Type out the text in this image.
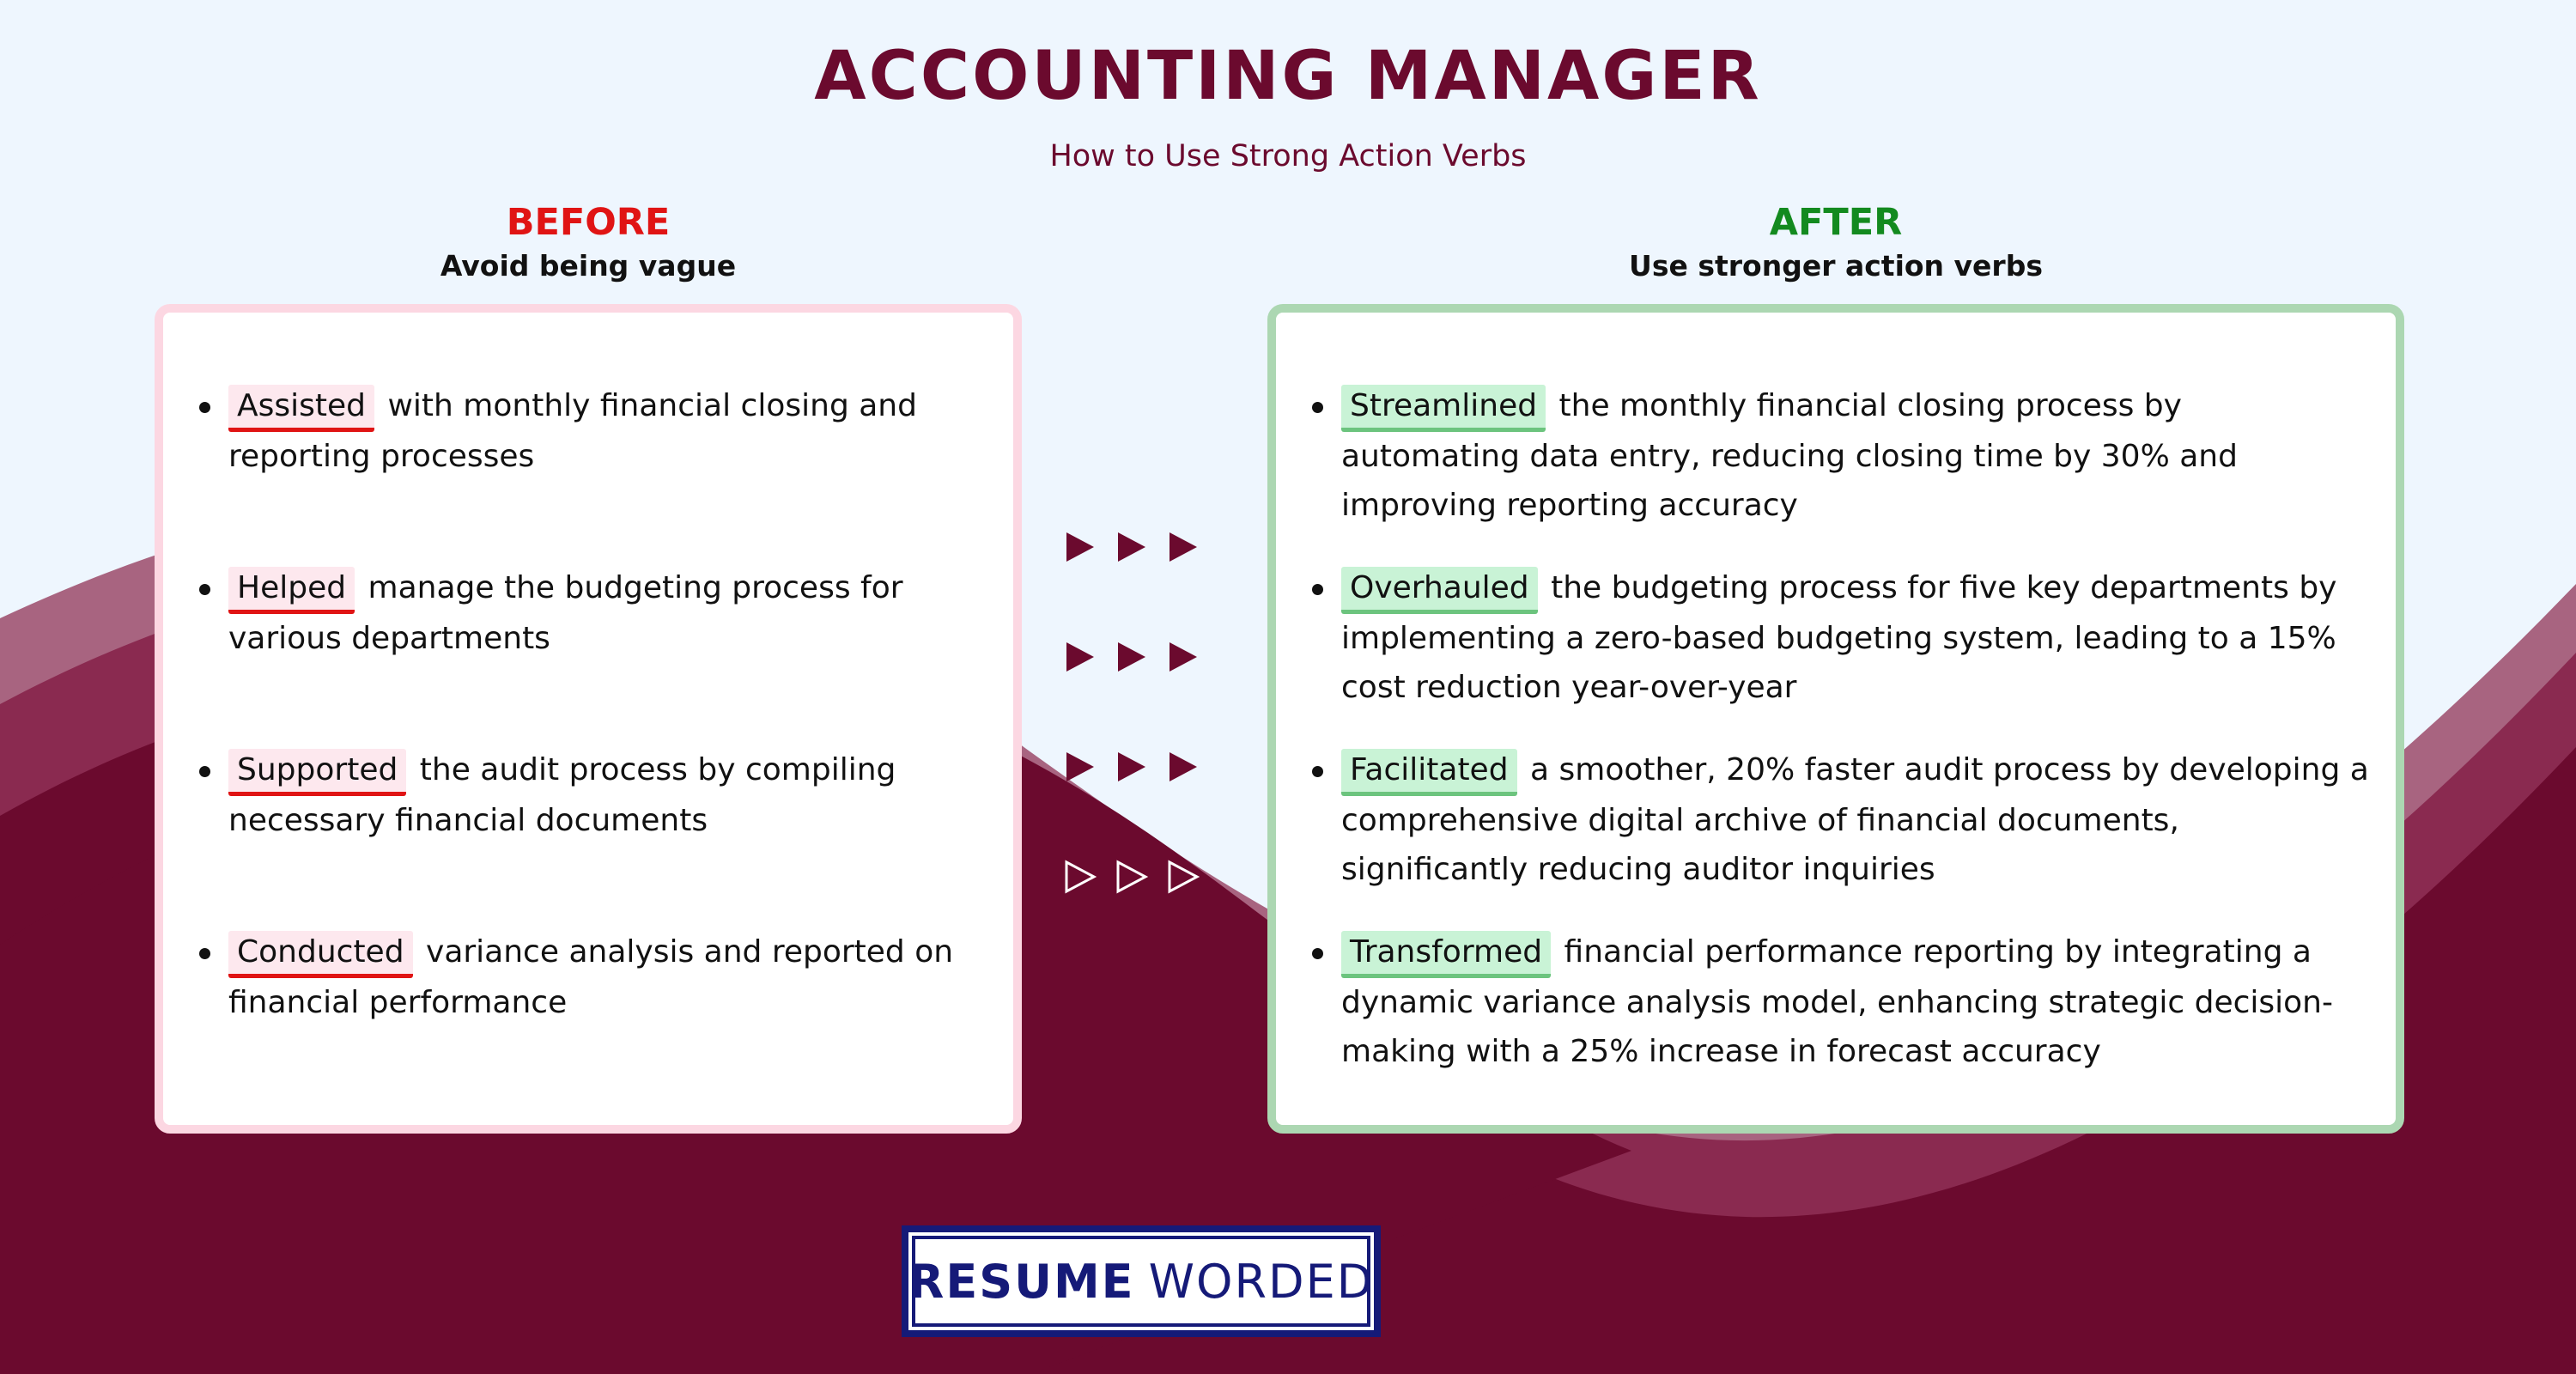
ACCOUNTING MANAGER
How to Use Strong Action Verbs
BEFORE
Avoid being vague
AFTER
Use stronger action verbs
Assisted with monthly financial closing and reporting processes
Helped manage the budgeting process for various departments
Supported the audit process by compiling necessary financial documents
Conducted variance analysis and reported on financial performance
Streamlined the monthly financial closing process by automating data entry, reducing closing time by 30% and improving reporting accuracy
Overhauled the budgeting process for five key departments by implementing a zero-based budgeting system, leading to a 15% cost reduction year-over-year
Facilitated a smoother, 20% faster audit process by developing a comprehensive digital archive of financial documents, significantly reducing auditor inquiries
Transformed financial performance reporting by integrating a dynamic variance analysis model, enhancing strategic decision-making with a 25% increase in forecast accuracy
RESUME WORDED
